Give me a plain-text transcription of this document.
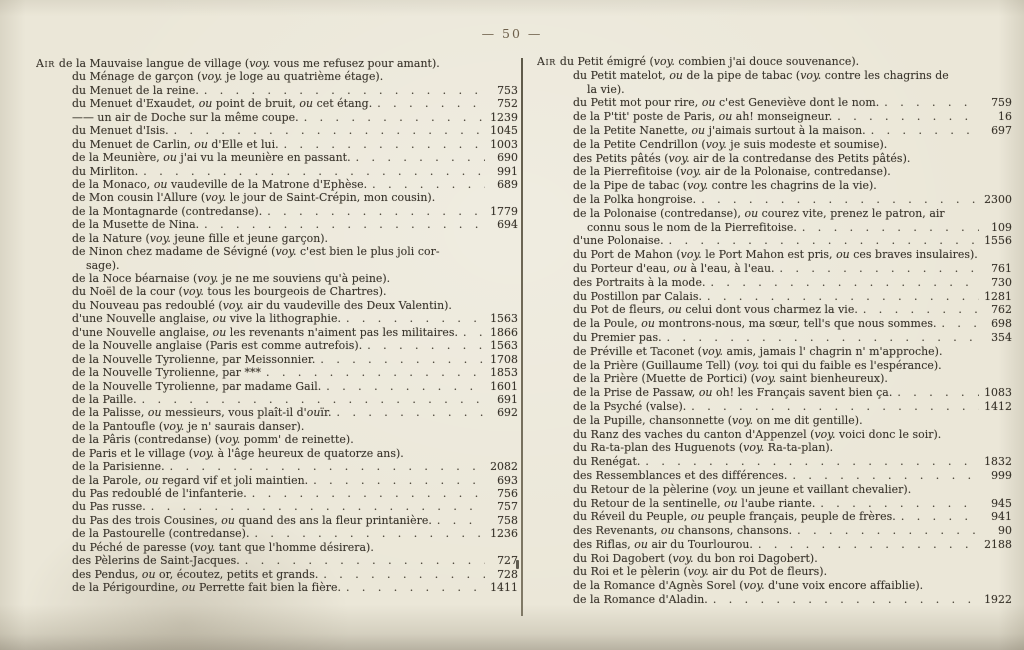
— 50 —
Air de la Mauvaise langue de village (voy. vous me refusez pour amant).
du Ménage de garçon (voy. je loge au quatrième étage).
du Menuet de la reine. . . .	753
du Menuet d'Exaudet, ou point de bruit, ou cet étang. . . .	752
—— un air de Doche sur la même coupe. . . .	1239
du Menuet d'Isis. . . .	1045
du Menuet de Carlin, ou d'Elle et lui. . . .	1003
de la Meunière, ou j'ai vu la meunière en passant. . . .	690
du Mirliton. . . .	991
de la Monaco, ou vaudeville de la Matrone d'Ephèse. . . .	689
de Mon cousin l'Allure (voy. le jour de Saint-Crépin, mon cousin).
de la Montagnarde (contredanse). . . .	1779
de la Musette de Nina. . . .	694
de la Nature (voy. jeune fille et jeune garçon).
de Ninon chez madame de Sévigné (voy. c'est bien le plus joli cor-
sage).
de la Noce béarnaise (voy. je ne me souviens qu'à peine).
du Noël de la cour (voy. tous les bourgeois de Chartres).
du Nouveau pas redoublé (voy. air du vaudeville des Deux Valentin).
d'une Nouvelle anglaise, ou vive la lithographie. . . .	1563
d'une Nouvelle anglaise, ou les revenants n'aiment pas les militaires. . . .	1866
de la Nouvelle anglaise (Paris est comme autrefois). . . .	1563
de la Nouvelle Tyrolienne, par Meissonnier. . . .	1708
de la Nouvelle Tyrolienne, par *** . . .	1853
de la Nouvelle Tyrolienne, par madame Gail. . . .	1601
de la Paille. . . .	691
de la Palisse, ou messieurs, vous plaît-il d'ouïr. . . .	692
de la Pantoufle (voy. je n' saurais danser).
de la Pâris (contredanse) (voy. pomm' de reinette).
de Paris et le village (voy. à l'âge heureux de quatorze ans).
de la Parisienne. . . .	2082
de la Parole, ou regard vif et joli maintien. . . .	693
du Pas redoublé de l'infanterie. . . .	756
du Pas russe. . . .	757
du Pas des trois Cousines, ou quand des ans la fleur printanière. . . .	758
de la Pastourelle (contredanse). . . .	1236
du Péché de paresse (voy. tant que l'homme désirera).
des Pèlerins de Saint-Jacques. . . .	727
des Pendus, ou or, écoutez, petits et grands. . . .	728
de la Périgourdine, ou Perrette fait bien la fière. . . .	1411
Air du Petit émigré (voy. combien j'ai douce souvenance).
du Petit matelot, ou de la pipe de tabac (voy. contre les chagrins de
la vie).
du Petit mot pour rire, ou c'est Geneviève dont le nom. . . .	759
de la P'tit' poste de Paris, ou ah! monseigneur. . . .	16
de la Petite Nanette, ou j'aimais surtout à la maison. . . .	697
de la Petite Cendrillon (voy. je suis modeste et soumise).
des Petits pâtés (voy. air de la contredanse des Petits pâtés).
de la Pierrefitoise (voy. air de la Polonaise, contredanse).
de la Pipe de tabac (voy. contre les chagrins de la vie).
de la Polka hongroise. . . .	2300
de la Polonaise (contredanse), ou courez vite, prenez le patron, air
connu sous le nom de la Pierrefitoise. . . .	109
d'une Polonaise. . . .	1556
du Port de Mahon (voy. le Port Mahon est pris, ou ces braves insulaires).
du Porteur d'eau, ou à l'eau, à l'eau. . . .	761
des Portraits à la mode. . . .	730
du Postillon par Calais. . . .	1281
du Pot de fleurs, ou celui dont vous charmez la vie. . . .	762
de la Poule, ou montrons-nous, ma sœur, tell's que nous sommes. . . .	698
du Premier pas. . . .	354
de Préville et Taconet (voy. amis, jamais l' chagrin n' m'approche).
de la Prière (Guillaume Tell) (voy. toi qui du faible es l'espérance).
de la Prière (Muette de Portici) (voy. saint bienheureux).
de la Prise de Passaw, ou oh! les Français savent bien ça. . . .	1083
de la Psyché (valse). . . .	1412
de la Pupille, chansonnette (voy. on me dit gentille).
du Ranz des vaches du canton d'Appenzel (voy. voici donc le soir).
du Ra-ta-plan des Huguenots (voy. Ra-ta-plan).
du Renégat. . . .	1832
des Ressemblances et des différences. . . .	999
du Retour de la pèlerine (voy. un jeune et vaillant chevalier).
du Retour de la sentinelle, ou l'aube riante. . . .	945
du Réveil du Peuple, ou peuple français, peuple de frères. . . .	941
des Revenants, ou chansons, chansons. . . .	90
des Riflas, ou air du Tourlourou. . . .	2188
du Roi Dagobert (voy. du bon roi Dagobert).
du Roi et le pèlerin (voy. air du Pot de fleurs).
de la Romance d'Agnès Sorel (voy. d'une voix encore affaiblie).
de la Romance d'Aladin. . . .	1922
